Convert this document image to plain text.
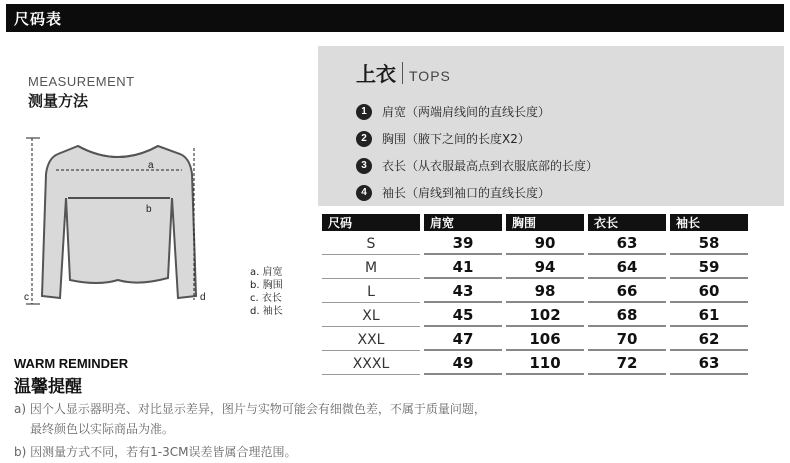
尺码表
MEASUREMENT
测量方法
a
b
c	d
a. 肩宽
b. 胸围
c. 衣长
d. 袖长
上衣 TOPS
1	肩宽（两端肩线间的直线长度）
2	胸围（腋下之间的长度X2）
3	衣长（从衣服最高点到衣服底部的长度）
4	袖长（肩线到袖口的直线长度）
尺码	肩宽	胸围	衣长	袖长
S	39	90	63	58
M	41	94	64	59
L	43	98	66	60
XL	45	102	68	61
XXL	47	106	70	62
XXXL	49	110	72	63
WARM REMINDER
温馨提醒
a) 因个人显示器明亮、对比显示差异，图片与实物可能会有细微色差，不属于质量问题，
最终颜色以实际商品为准。
b) 因测量方式不同，若有1-3CM误差皆属合理范围。
